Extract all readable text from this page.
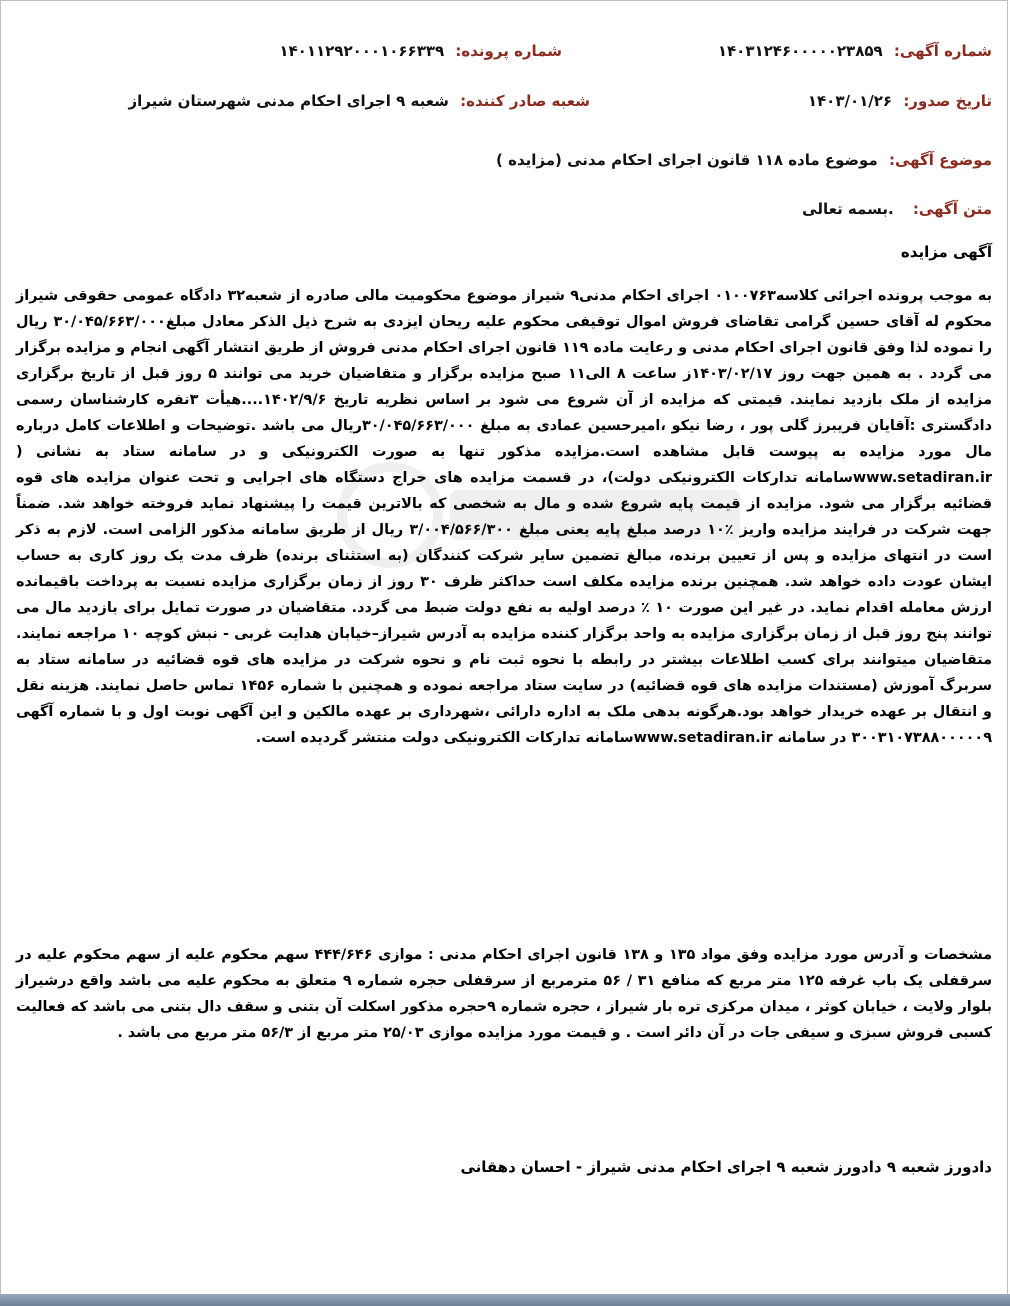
شماره آگهی: ۱۴۰۳۱۲۴۶۰۰۰۰۰۲۳۸۵۹
شماره پرونده: ۱۴۰۱۱۲۹۲۰۰۰۱۰۶۶۳۳۹
تاریخ صدور: ۱۴۰۳/۰۱/۲۶
شعبه صادر کننده: شعبه ۹ اجرای احکام مدنی شهرستان شیراز
موضوع آگهی: موضوع ماده ۱۱۸ قانون اجرای احکام مدنی (مزایده )
متن آگهی: .بسمه تعالی
آگهی مزایده
به موجب پرونده اجرائی کلاسه۰۱۰۰۷۶۳ اجرای احکام مدنی۹ شیراز موضوع محکومیت مالی صادره از شعبه۳۲ دادگاه عمومی حقوقی شیراز محکوم له آقای حسین گرامی تقاضای فروش اموال توقیفی محکوم علیه ریحان ایزدی به شرح ذیل الذکر معادل مبلغ۳۰/۰۴۵/۶۶۳/۰۰۰ ریال را نموده لذا وفق قانون اجرای احکام مدنی و رعایت ماده ۱۱۹ قانون اجرای احکام مدنی فروش از طریق انتشار آگهی انجام و مزایده برگزار می گردد . به همین جهت روز ۱۴۰۳/۰۲/۱۷ز ساعت ۸ الی۱۱ صبح مزایده برگزار و متقاضیان خرید می توانند ۵ روز قبل از تاریخ برگزاری مزایده از ملک بازدید نمایند. قیمتی که مزایده از آن شروع می شود بر اساس نظریه تاریخ ۱۴۰۲/۹/۶....هیأت ۳نفره کارشناسان رسمی دادگستری :آقایان فریبرز گلی پور ، رضا نیکو ،امیرحسین عمادی به مبلغ ۳۰/۰۴۵/۶۶۳/۰۰۰ریال می باشد .توضیحات و اطلاعات کامل درباره مال مورد مزایده به پیوست قابل مشاهده است.مزایده مذکور تنها به صورت الکترونیکی و در سامانه ستاد به نشانی ( www.setadiran.irسامانه تدارکات الکترونیکی دولت)، در قسمت مزایده های حراج دستگاه های اجرایی و تحت عنوان مزایده های قوه قضائیه برگزار می شود. مزایده از قیمت پایه شروع شده و مال به شخصی که بالاترین قیمت را پیشنهاد نماید فروخته خواهد شد. ضمناً جهت شرکت در فرایند مزایده واریز ٪۱۰ درصد مبلغ پایه یعنی مبلغ ۳/۰۰۴/۵۶۶/۳۰۰ ریال از طریق سامانه مذکور الزامی است. لازم به ذکر است در انتهای مزایده و پس از تعیین برنده، مبالغ تضمین سایر شرکت کنندگان (به استثنای برنده) ظرف مدت یک روز کاری به حساب ایشان عودت داده خواهد شد. همچنین برنده مزایده مکلف است حداکثر ظرف ۳۰ روز از زمان برگزاری مزایده نسبت به پرداخت باقیمانده ارزش معامله اقدام نماید. در غیر این صورت ۱۰ ٪ درصد اولیه به نفع دولت ضبط می گردد. متقاضیان در صورت تمایل برای بازدید مال می توانند پنج روز قبل از زمان برگزاری مزایده به واحد برگزار کننده مزایده به آدرس شیراز–خیابان هدایت غربی - نبش کوچه ۱۰ مراجعه نمایند. متقاضیان میتوانند برای کسب اطلاعات بیشتر در رابطه با نحوه ثبت نام و نحوه شرکت در مزایده های قوه قضائیه در سامانه ستاد به سربرگ آموزش (مستندات مزایده های قوه قضائیه) در سایت ستاد مراجعه نموده و همچنین با شماره ۱۴۵۶ تماس حاصل نمایند. هزینه نقل و انتقال بر عهده خریدار خواهد بود.هرگونه بدهی ملک به اداره دارائی ،شهرداری بر عهده مالکین و این آگهی نوبت اول و با شماره آگهی ۳۰۰۳۱۰۷۳۸۸۰۰۰۰۰۹ در سامانه www.setadiran.irسامانه تدارکات الکترونیکی دولت منتشر گردیده است.
مشخصات و آدرس مورد مزایده وفق مواد ۱۳۵ و ۱۳۸ قانون اجرای احکام مدنی : موازی ۴۴۴/۶۴۶ سهم محکوم علیه از سهم محکوم علیه در سرقفلی یک باب غرفه ۱۲۵ متر مربع که منافع ۳۱ / ۵۶ مترمربع از سرقفلی حجره شماره ۹ متعلق به محکوم علیه می باشد واقع درشیراز بلوار ولایت ، خیابان کوثر ، میدان مرکزی تره بار شیراز ، حجره شماره ۹حجره مذکور اسکلت آن بتنی و سقف دال بتنی می باشد که فعالیت کسبی فروش سبزی و سیفی جات در آن دائر است . و قیمت مورد مزایده موازی ۲۵/۰۳ متر مربع از ۵۶/۳ متر مربع می باشد .
دادورز شعبه ۹ دادورز شعبه ۹ اجرای احکام مدنی شیراز - احسان دهقانی
